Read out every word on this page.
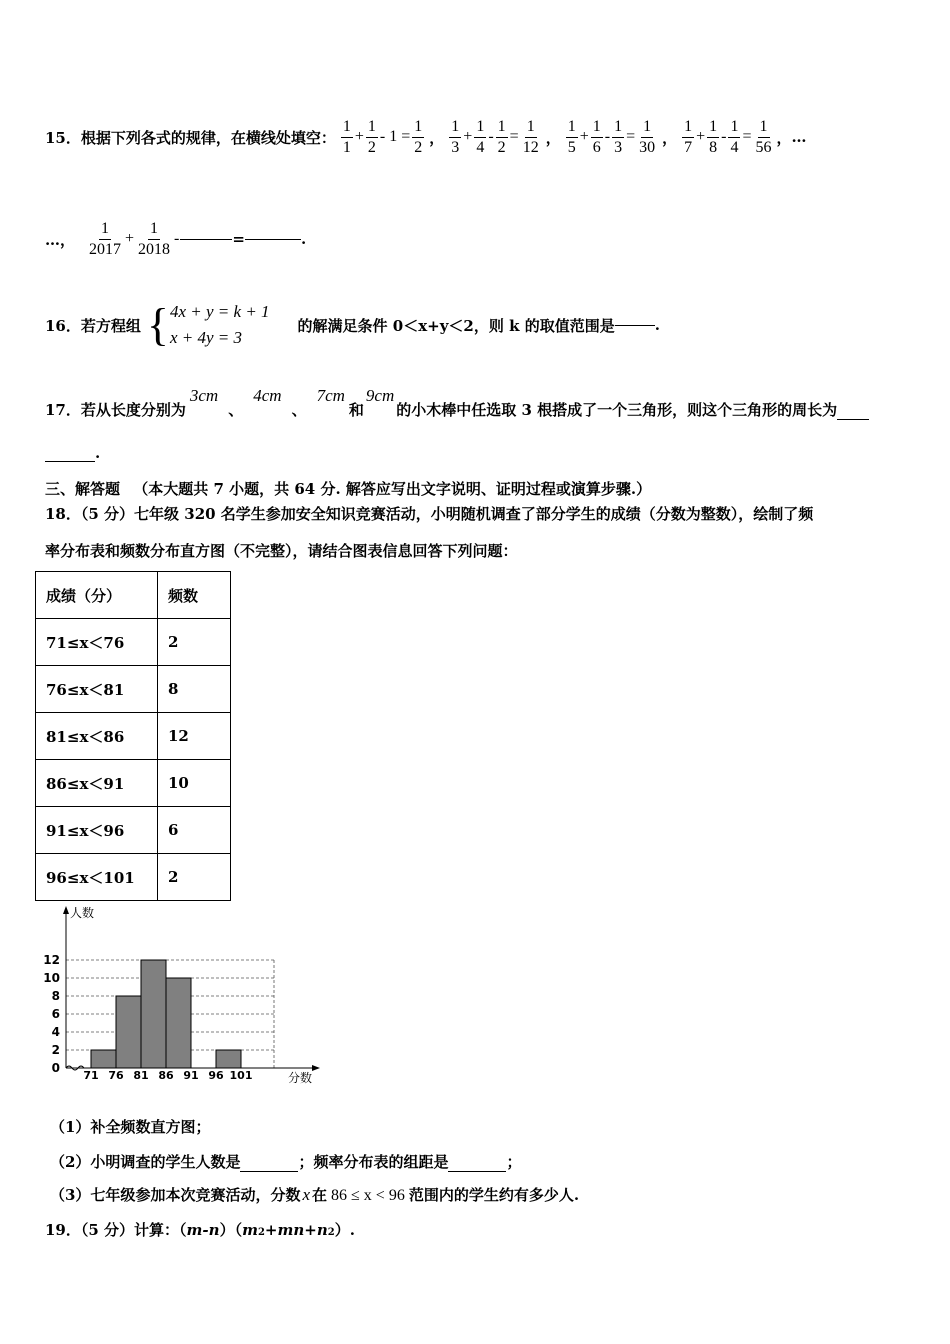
15． 根据下列各式的规律，在横线处填空： $\frac{1}{1} + \frac{1}{2} - 1 = \frac{1}{2}$ ， $\frac{1}{3} + \frac{1}{4} - \frac{1}{2} = \frac{1}{12}$ ， $\frac{1}{5} + \frac{1}{6} - \frac{1}{3} = \frac{1}{30}$ ， $\frac{1}{7} + \frac{1}{8} - \frac{1}{4} = \frac{1}{56}$ ， …
…， $\frac{1}{2017} + \frac{1}{2018}$ -	=	.
16． 若方程组 { 4x + y = k + 1
x + 4y = 3
的解满足条件 0＜x+y＜2，则 k 的取值范围是	.
17． 若从长度分别为
3cm
、
4cm
、
7cm
和
9cm
的小木棒中任选取 3 根搭成了一个三角形，则这个三角形的周长为
.
三、解答题 （本大题共 7 小题，共 64 分. 解答应写出文字说明、证明过程或演算步骤.）
18．（5 分）七年级 320 名学生参加安全知识竞赛活动，小明随机调查了部分学生的成绩（分数为整数），绘制了频
率分布表和频数分布直方图（不完整），请结合图表信息回答下列问题：
成绩（分）	频数
71≤x＜76	2
76≤x＜81	8
81≤x＜86	12
86≤x＜91	10
91≤x＜96	6
96≤x＜101	2
0
2
4
6
8
10
12
71 76 81 86 91 96 101
人数
分数
（1）补全频数直方图；
（2）小明调查的学生人数是	；频率分布表的组距是	；
（3）七年级参加本次竞赛活动，分数 x 在 86 ≤ x < 96 范围内的学生约有多少人.
19．（5 分）计算：（ m-n ）（ m 2 + mn + n 2 ）.
